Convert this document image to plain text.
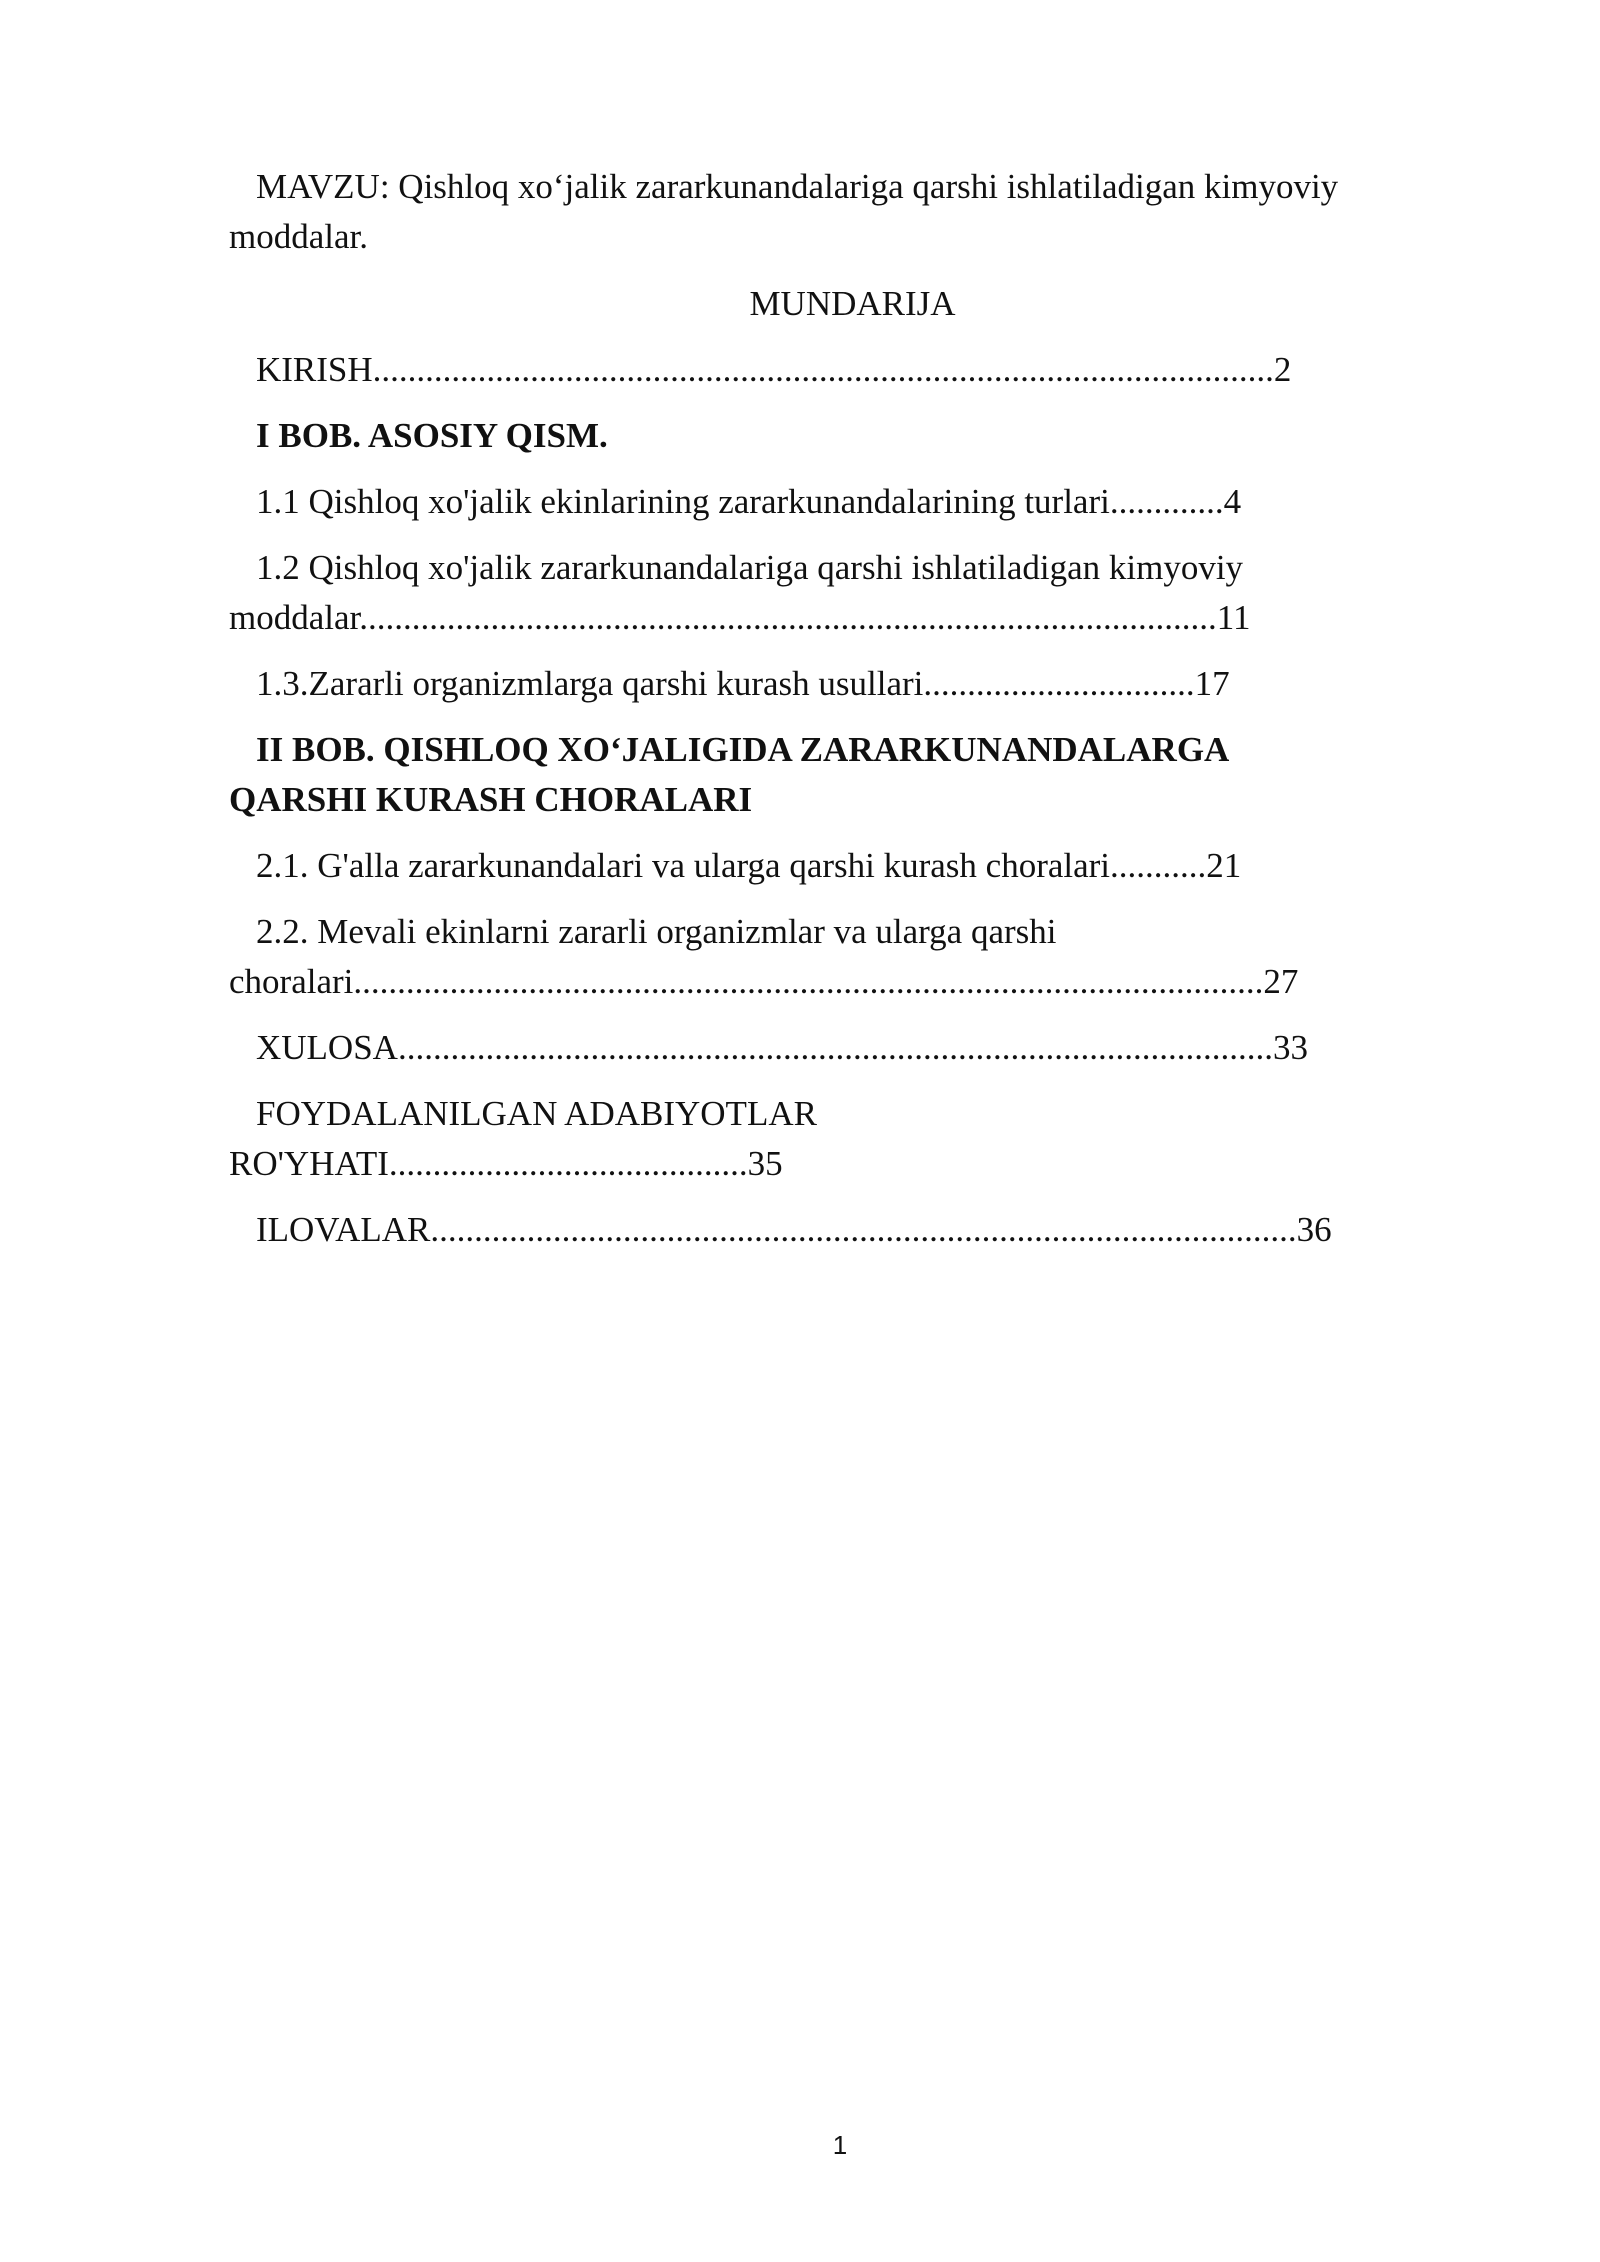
MAVZU: Qishloq xo‘jalik zararkunandalariga qarshi ishlatiladigan kimyoviy
moddalar.
MUNDARIJA
KIRISH.......................................................................................................2
I BOB. ASOSIY QISM.
1.1 Qishloq xo'jalik ekinlarining zararkunandalarining turlari.............4
1.2 Qishloq xo'jalik zararkunandalariga qarshi ishlatiladigan kimyoviy
moddalar..................................................................................................11
1.3.Zararli organizmlarga qarshi kurash usullari...............................17
II BOB. QISHLOQ XO‘JALIGIDA ZARARKUNANDALARGA
QARSHI KURASH CHORALARI
2.1. G'alla zararkunandalari va ularga qarshi kurash choralari...........21
2.2. Mevali ekinlarni zararli organizmlar va ularga qarshi
choralari........................................................................................................27
XULOSA....................................................................................................33
FOYDALANILGAN ADABIYOTLAR
RO'YHATI.........................................35
ILOVALAR...................................................................................................36
1
